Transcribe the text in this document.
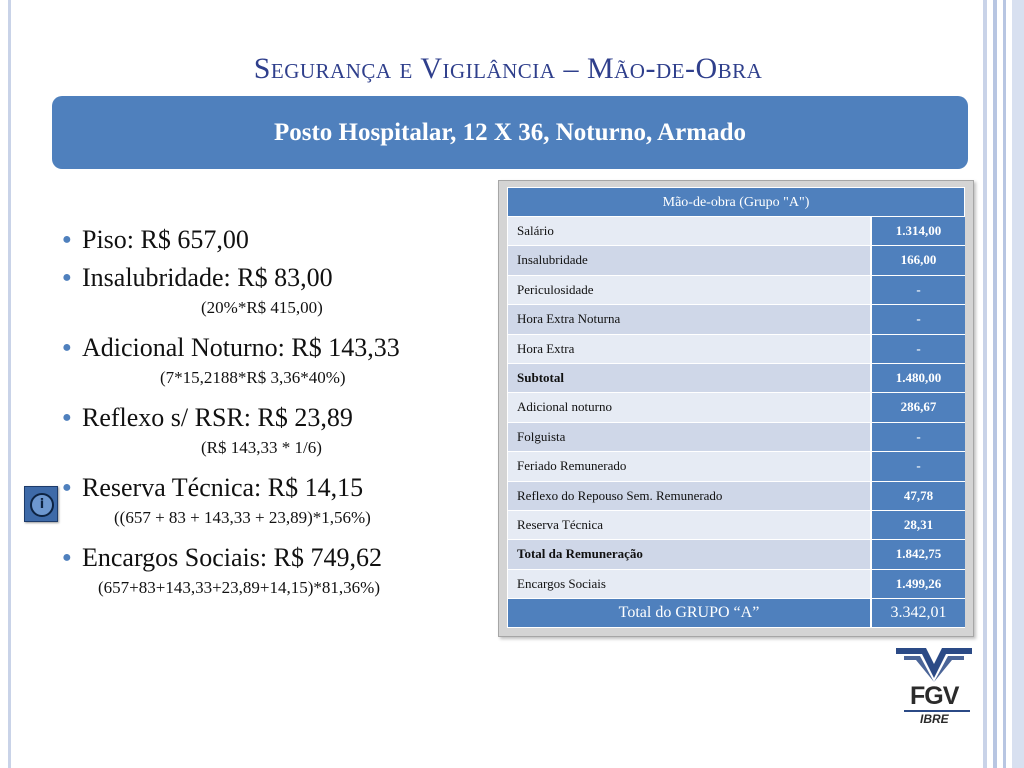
Segurança e Vigilância – Mão-de-Obra
Posto Hospitalar, 12 X 36, Noturno, Armado
● Piso: R$ 657,00
● Insalubridade: R$ 83,00
(20%*R$ 415,00)
● Adicional Noturno: R$ 143,33
(7*15,2188*R$ 3,36*40%)
● Reflexo s/ RSR: R$ 23,89
(R$ 143,33 * 1/6)
● Reserva Técnica: R$ 14,15
((657 + 83 + 143,33 + 23,89)*1,56%)
● Encargos Sociais: R$ 749,62
(657+83+143,33+23,89+14,15)*81,36%)
i
Mão-de-obra (Grupo "A")
Salário	1.314,00
Insalubridade	166,00
Periculosidade	-
Hora Extra Noturna	-
Hora Extra	-
Subtotal	1.480,00
Adicional noturno	286,67
Folguista	-
Feriado Remunerado	-
Reflexo do Repouso Sem. Remunerado	47,78
Reserva Técnica	28,31
Total da Remuneração	1.842,75
Encargos Sociais	1.499,26
Total do GRUPO “A”	3.342,01
FGV
IBRE
